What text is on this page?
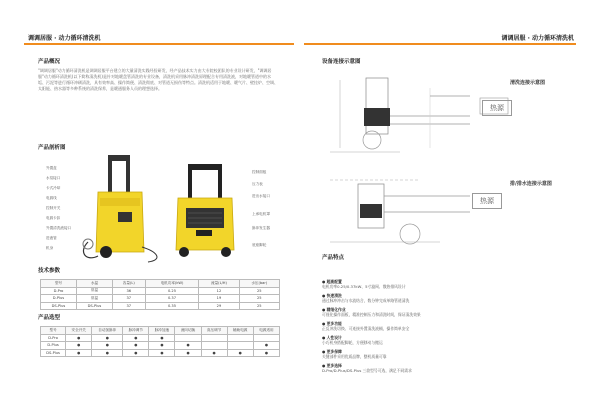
调调居服 · 动力循环清洗机	调调居服 · 动力循环清洗机
产品概况
"调调居服"动力循环清洗机是调调居服平台建立的大量清洗实践经验研发，经产品技术实力由大专院校团队的专业设计研发，"调调居服"动力循环清洗机(以下简称清洗机)是针对地暖盘管清洗的专业设备，清洗机采用脉冲清洗原理配合专用清洗液，对地暖管道中的水垢、污泥等进行循环冲刷清洗，具有效率高、操作简便、清洗彻底、对管道无损伤等特点。清洗机适用于地暖、暖气片、壁挂炉、空调、太阳能、热水器等多种系统的清洗保养，是暖通服务人员的理想选择。
产品剖析图
外置盒
水泵接口
卡式冷却
电源线
控制开关
电源卡扣
外置清洗液接口
进液管
机身
控制面板
压力表
进出水接口
上承电机罩
脉冲发生器
底座脚轮
技术参数
型号	水温	容量(L)	电机功率(kW)	流量(L/H)	水压(bar)
D-Pro	常温	36	0.25	12	25
D-Plus	常温	37	0.37	19	25
DS-Plus	DS-Plus	37	0.35	29	25
产品选型
型号	安全开关	自动加脉冲	脉冲调节	脉冲加速	流向切换	高压调节	辅助电源	电源适用
D-Pro	●	●	●	●				
D-Plus	●	●	●	●	●			●
DS-Plus	●	●	●	●	●	●	●	●
设备连接示意图
清洗连接示意图
热源
排/排水连接示意图
热源
产品特点
● 超高配置
电机功率0.25/0.37kW、5寸滤网、散热排风设计
● 快速清洗
通过脉冲冲击与水流结合，数分钟完成单路管道清洗
● 精细化作业
可视化操作面板，精准控制压力和清洗时间，保证清洗效果
● 更多功能
正反冲洗切换、可连接外置清洗液桶，操作简单安全
● 人性设计
小巧机身搭配脚轮，方便移动与搬运
● 更多保障
关键部件采用优质品牌，整机质量可靠
● 更多选择
D-Pro/D-Plus/DS-Plus 三款型号可选，满足不同需求
